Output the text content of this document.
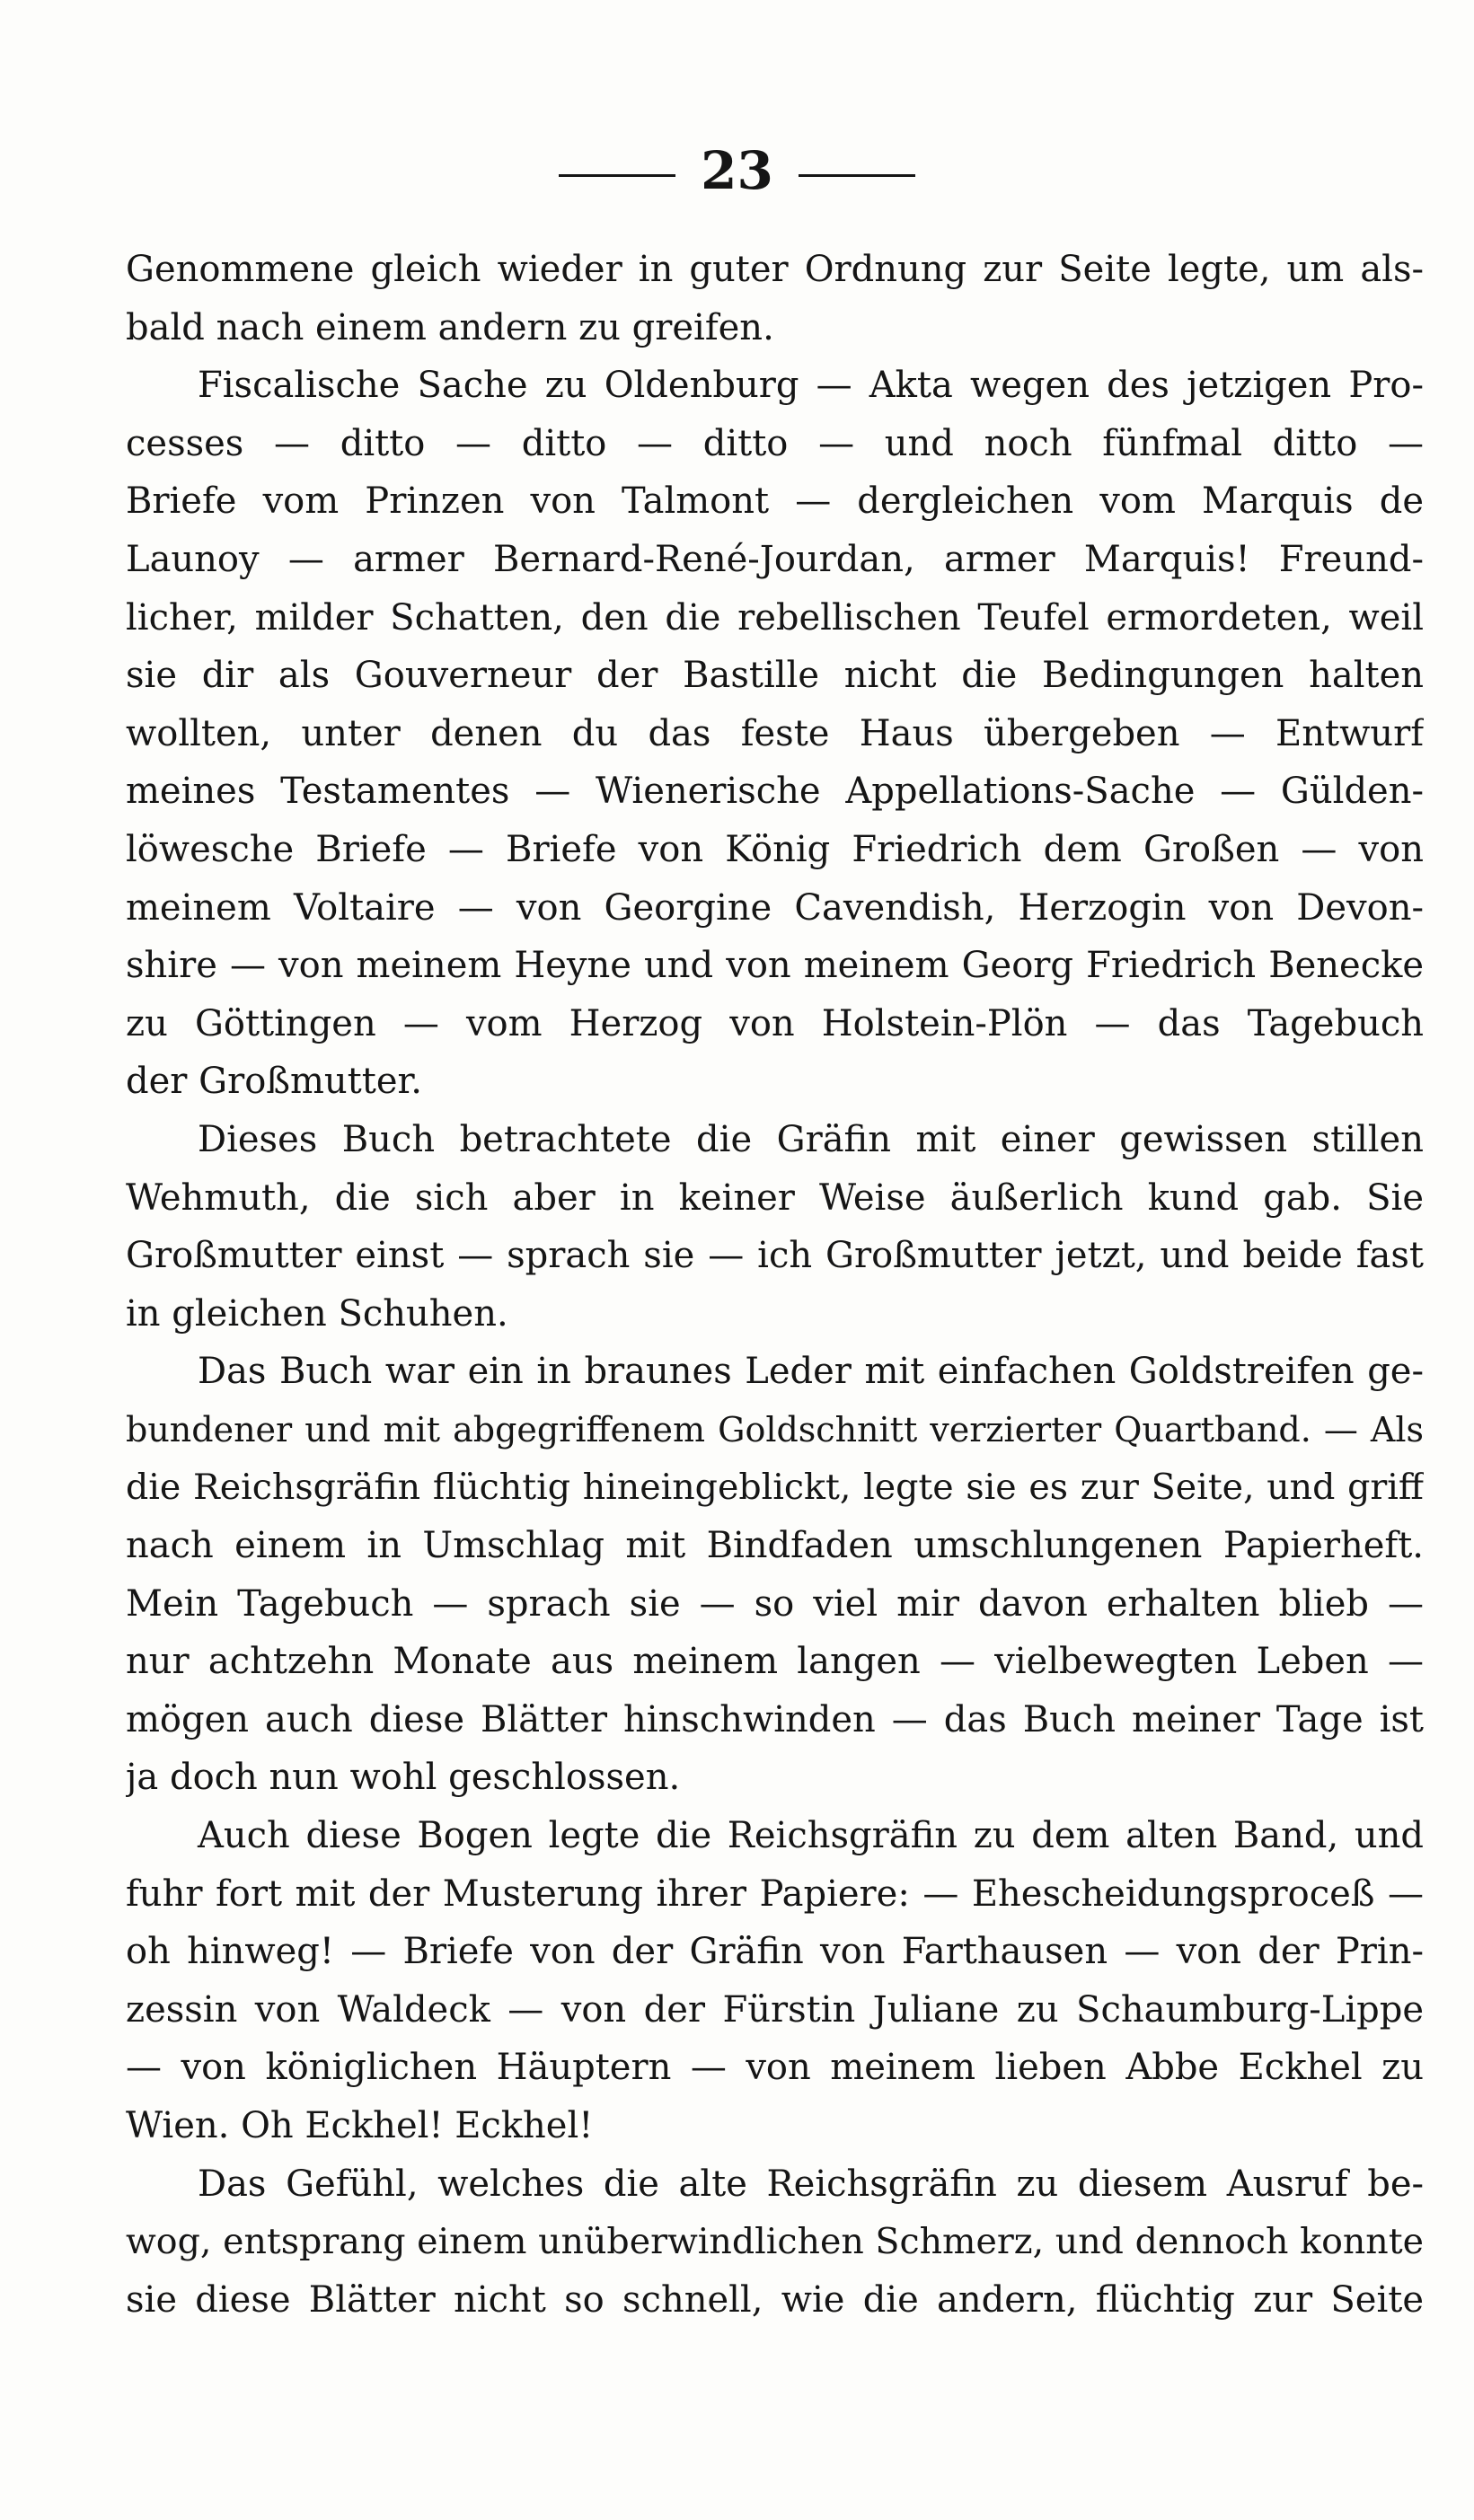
23
Genommene gleich wieder in guter Ordnung zur Seite legte, um als-
bald nach einem andern zu greifen.
Fiscalische Sache zu Oldenburg — Akta wegen des jetzigen Pro-
cesses — ditto — ditto — ditto — und noch fünfmal ditto —
Briefe vom Prinzen von Talmont — dergleichen vom Marquis de
Launoy — armer Bernard-René-Jourdan, armer Marquis! Freund-
licher, milder Schatten, den die rebellischen Teufel ermordeten, weil
sie dir als Gouverneur der Bastille nicht die Bedingungen halten
wollten, unter denen du das feste Haus übergeben — Entwurf
meines Testamentes — Wienerische Appellations-Sache — Gülden-
löwesche Briefe — Briefe von König Friedrich dem Großen — von
meinem Voltaire — von Georgine Cavendish, Herzogin von Devon-
shire — von meinem Heyne und von meinem Georg Friedrich Benecke
zu Göttingen — vom Herzog von Holstein-Plön — das Tagebuch
der Großmutter.
Dieses Buch betrachtete die Gräfin mit einer gewissen stillen
Wehmuth, die sich aber in keiner Weise äußerlich kund gab. Sie
Großmutter einst — sprach sie — ich Großmutter jetzt, und beide fast
in gleichen Schuhen.
Das Buch war ein in braunes Leder mit einfachen Goldstreifen ge-
bundener und mit abgegriffenem Goldschnitt verzierter Quartband. — Als
die Reichsgräfin flüchtig hineingeblickt, legte sie es zur Seite, und griff
nach einem in Umschlag mit Bindfaden umschlungenen Papierheft.
Mein Tagebuch — sprach sie — so viel mir davon erhalten blieb —
nur achtzehn Monate aus meinem langen — vielbewegten Leben —
mögen auch diese Blätter hinschwinden — das Buch meiner Tage ist
ja doch nun wohl geschlossen.
Auch diese Bogen legte die Reichsgräfin zu dem alten Band, und
fuhr fort mit der Musterung ihrer Papiere: — Ehescheidungsproceß —
oh hinweg! — Briefe von der Gräfin von Farthausen — von der Prin-
zessin von Waldeck — von der Fürstin Juliane zu Schaumburg-Lippe
— von königlichen Häuptern — von meinem lieben Abbe Eckhel zu
Wien. Oh Eckhel! Eckhel!
Das Gefühl, welches die alte Reichsgräfin zu diesem Ausruf be-
wog, entsprang einem unüberwindlichen Schmerz, und dennoch konnte
sie diese Blätter nicht so schnell, wie die andern, flüchtig zur Seite
